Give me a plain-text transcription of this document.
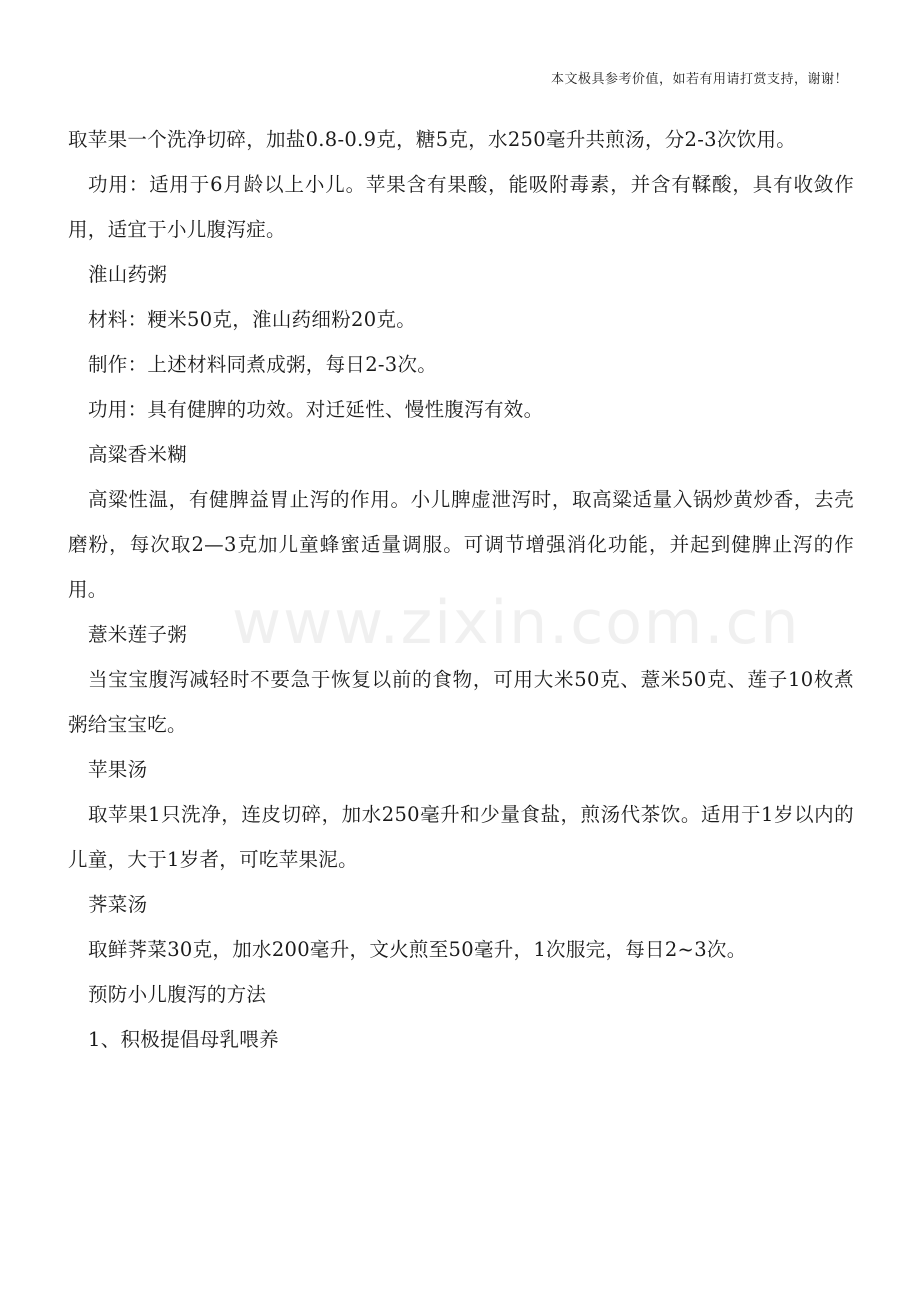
本文极具参考价值，如若有用请打赏支持，谢谢！
www.zixin.com.cn

取苹果一个洗净切碎，加盐0.8-0.9克，糖5克，水250毫升共煎汤，分2-3次饮用。

功用：适用于6月龄以上小儿。苹果含有果酸，能吸附毒素，并含有鞣酸，具有收敛作用，适宜于小儿腹泻症。

淮山药粥

材料：粳米50克，淮山药细粉20克。

制作：上述材料同煮成粥，每日2-3次。

功用：具有健脾的功效。对迁延性、慢性腹泻有效。

高粱香米糊

高粱性温，有健脾益胃止泻的作用。小儿脾虚泄泻时，取高粱适量入锅炒黄炒香，去壳磨粉，每次取2—3克加儿童蜂蜜适量调服。可调节增强消化功能，并起到健脾止泻的作用。

薏米莲子粥

当宝宝腹泻减轻时不要急于恢复以前的食物，可用大米50克、薏米50克、莲子10枚煮粥给宝宝吃。

苹果汤

取苹果1只洗净，连皮切碎，加水250毫升和少量食盐，煎汤代茶饮。适用于1岁以内的儿童，大于1岁者，可吃苹果泥。

荠菜汤

取鲜荠菜30克，加水200毫升，文火煎至50毫升，1次服完，每日2~3次。

预防小儿腹泻的方法

1、积极提倡母乳喂养
